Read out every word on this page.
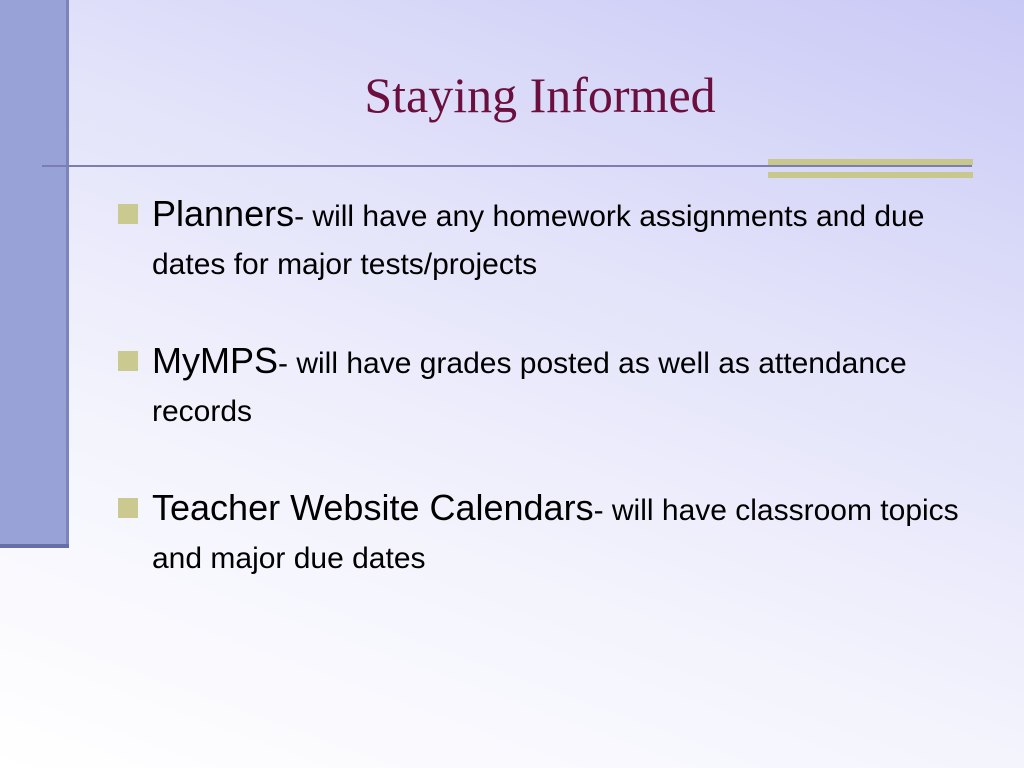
Staying Informed
Planners- will have any homework assignments and due dates for major tests/projects
MyMPS- will have grades posted as well as attendance records
Teacher Website Calendars- will have classroom topics and major due dates
